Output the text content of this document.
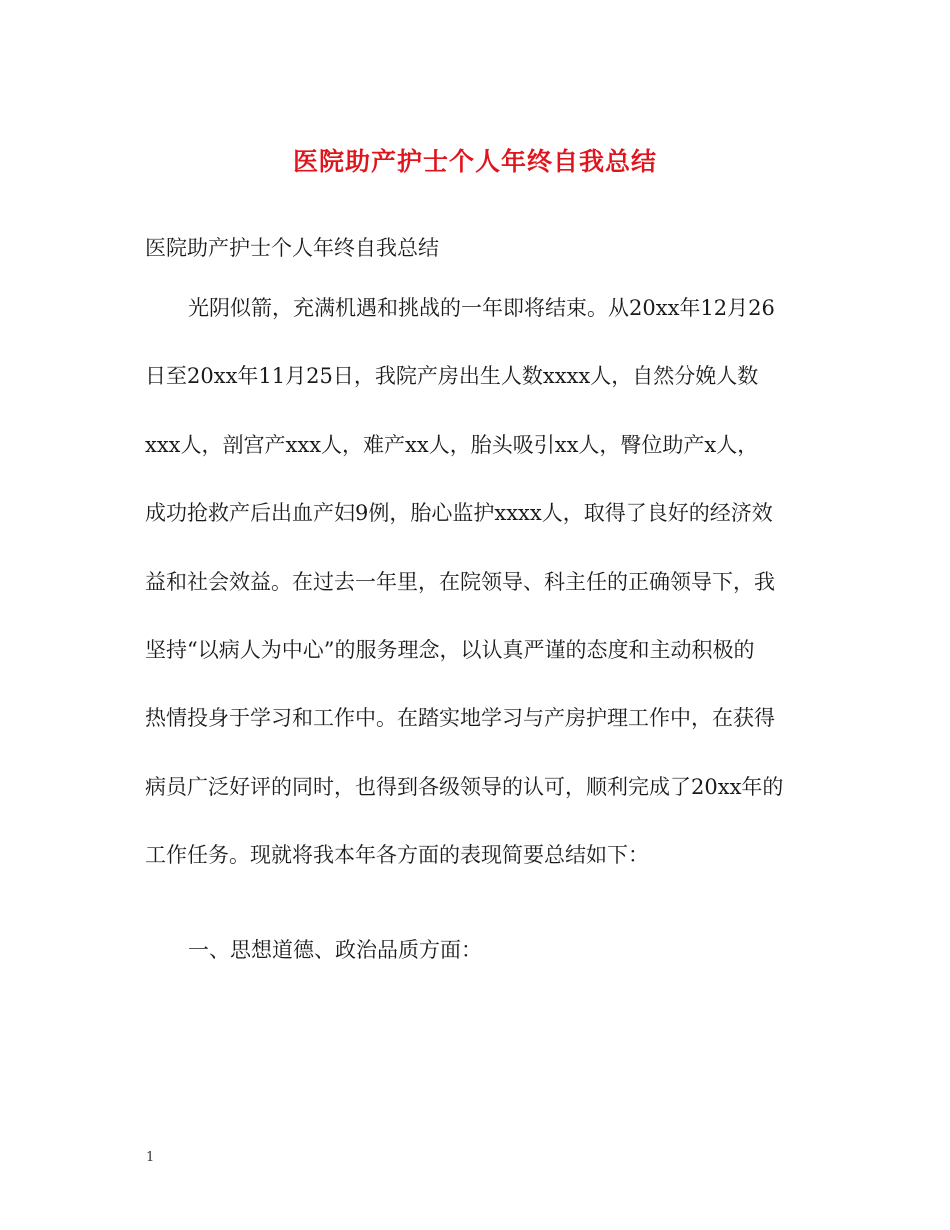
医院助产护士个人年终自我总结
医院助产护士个人年终自我总结
光阴似箭，充满机遇和挑战的一年即将结束。从20xx年12月26
日至20xx年11月25日，我院产房出生人数xxxx人，自然分娩人数
xxx人，剖宫产xxx人，难产xx人，胎头吸引xx人，臀位助产x人，
成功抢救产后出血产妇9例，胎心监护xxxx人，取得了良好的经济效
益和社会效益。在过去一年里，在院领导、科主任的正确领导下，我
坚持“以病人为中心”的服务理念，以认真严谨的态度和主动积极的
热情投身于学习和工作中。在踏实地学习与产房护理工作中，在获得
病员广泛好评的同时，也得到各级领导的认可，顺利完成了20xx年的
工作任务。现就将我本年各方面的表现简要总结如下：
一、思想道德、政治品质方面：
1
